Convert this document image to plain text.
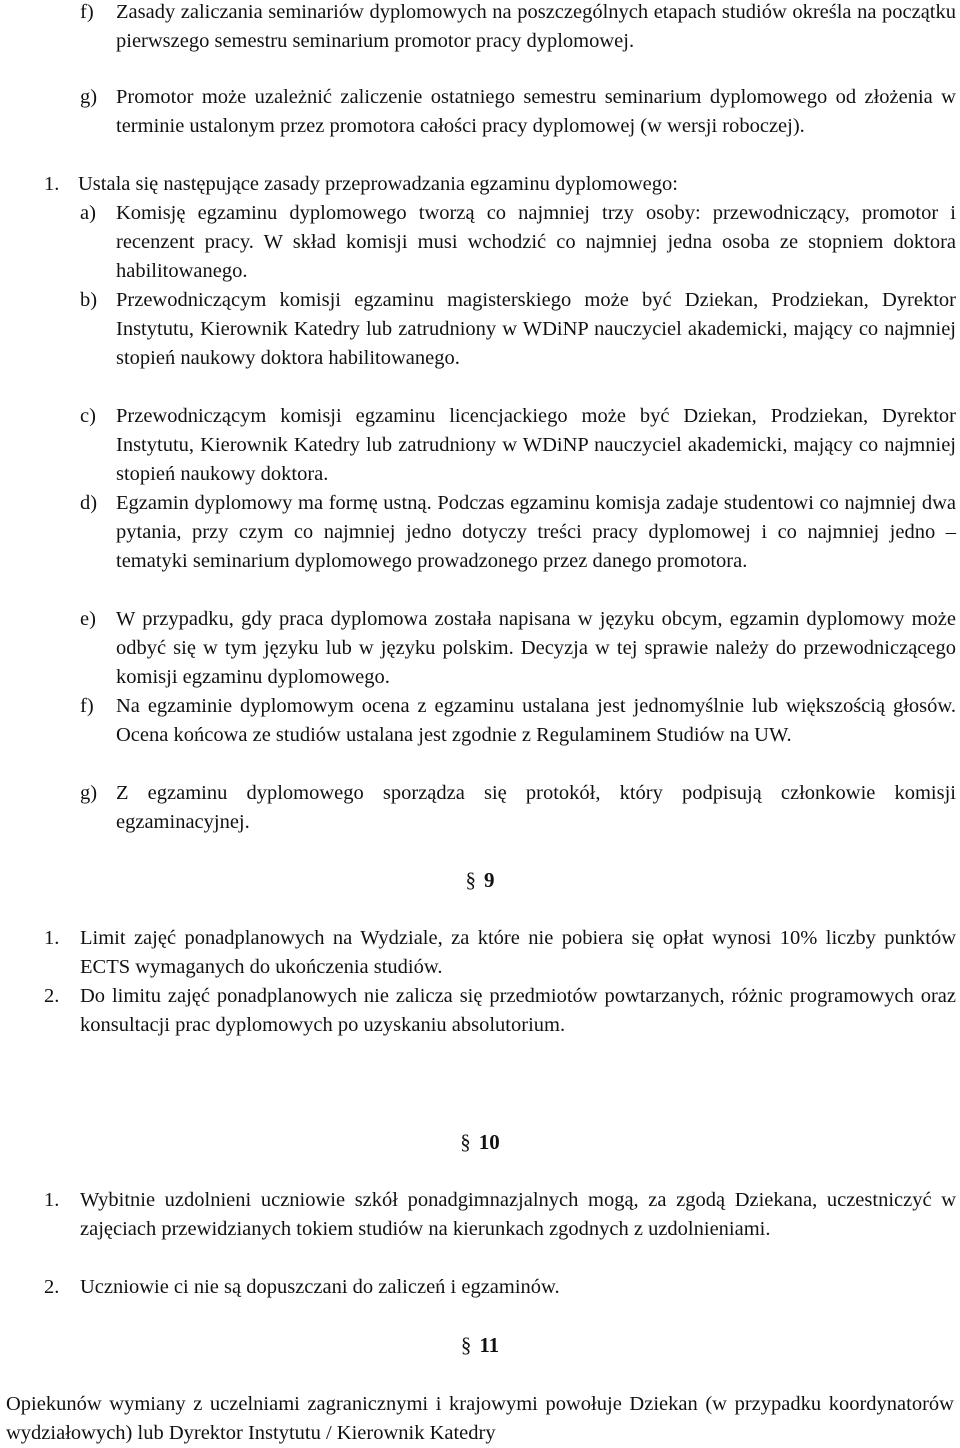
f) Zasady zaliczania seminariów dyplomowych na poszczególnych etapach studiów określa na początku pierwszego semestru seminarium promotor pracy dyplomowej.
g) Promotor może uzależnić zaliczenie ostatniego semestru seminarium dyplomowego od złożenia w terminie ustalonym przez promotora całości pracy dyplomowej (w wersji roboczej).
1. Ustala się następujące zasady przeprowadzania egzaminu dyplomowego:
a) Komisję egzaminu dyplomowego tworzą co najmniej trzy osoby: przewodniczący, promotor i recenzent pracy. W skład komisji musi wchodzić co najmniej jedna osoba ze stopniem doktora habilitowanego.
b) Przewodniczącym komisji egzaminu magisterskiego może być Dziekan, Prodziekan, Dyrektor Instytutu, Kierownik Katedry lub zatrudniony w WDiNP nauczyciel akademicki, mający co najmniej stopień naukowy doktora habilitowanego.
c) Przewodniczącym komisji egzaminu licencjackiego może być Dziekan, Prodziekan, Dyrektor Instytutu, Kierownik Katedry lub zatrudniony w WDiNP nauczyciel akademicki, mający co najmniej stopień naukowy doktora.
d) Egzamin dyplomowy ma formę ustną. Podczas egzaminu komisja zadaje studentowi co najmniej dwa pytania, przy czym co najmniej jedno dotyczy treści pracy dyplomowej i co najmniej jedno – tematyki seminarium dyplomowego prowadzonego przez danego promotora.
e) W przypadku, gdy praca dyplomowa została napisana w języku obcym, egzamin dyplomowy może odbyć się w tym języku lub w języku polskim. Decyzja w tej sprawie należy do przewodniczącego komisji egzaminu dyplomowego.
f) Na egzaminie dyplomowym ocena z egzaminu ustalana jest jednomyślnie lub większością głosów. Ocena końcowa ze studiów ustalana jest zgodnie z Regulaminem Studiów na UW.
g) Z egzaminu dyplomowego sporządza się protokół, który podpisują członkowie komisji egzaminacyjnej.
§ 9
1. Limit zajęć ponadplanowych na Wydziale, za które nie pobiera się opłat wynosi 10% liczby punktów ECTS wymaganych do ukończenia studiów.
2. Do limitu zajęć ponadplanowych nie zalicza się przedmiotów powtarzanych, różnic programowych oraz konsultacji prac dyplomowych po uzyskaniu absolutorium.
§ 10
1. Wybitnie uzdolnieni uczniowie szkół ponadgimnazjalnych mogą, za zgodą Dziekana, uczestniczyć w zajęciach przewidzianych tokiem studiów na kierunkach zgodnych z uzdolnieniami.
2. Uczniowie ci nie są dopuszczani do zaliczeń i egzaminów.
§ 11

Opiekunów wymiany z uczelniami zagranicznymi i krajowymi powołuje Dziekan (w przypadku koordynatorów wydziałowych) lub Dyrektor Instytutu / Kierownik Katedry
